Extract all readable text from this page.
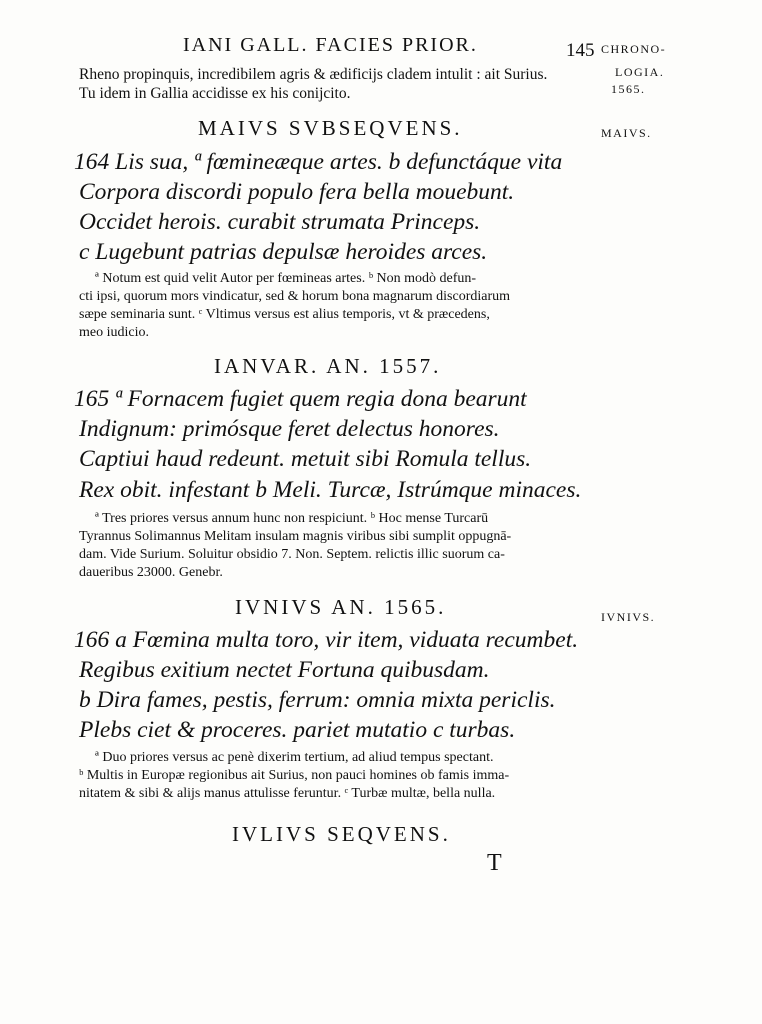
IANI GALL. FACIES PRIOR.	145 CHRONO-
LOGIA.
1565.
Rheno propinquis, incredibilem agris & ædificijs cladem intulit : ait Surius.
Tu idem in Gallia accidisse ex his conijcito.
MAIVS SVBSEQVENS.	MAIVS.
164 Lis sua, ª fœmineæque artes. b defunctáque vita
Corpora discordi populo fera bella mouebunt.
Occidet herois. curabit strumata Princeps.
c Lugebunt patrias depulsæ heroides arces.
ª Notum est quid velit Autor per fœmineas artes. ᵇ Non modò defun-
cti ipsi, quorum mors vindicatur, sed & horum bona magnarum discordiarum
sæpe seminaria sunt. ᶜ Vltimus versus est alius temporis, vt & præcedens,
meo iudicio.
IANVAR. AN. 1557.
165 ª Fornacem fugiet quem regia dona bearunt
Indignum: primósque feret delectus honores.
Captiui haud redeunt. metuit sibi Romula tellus.
Rex obit. infestant b Meli. Turcæ, Istrúmque minaces.
ª Tres priores versus annum hunc non respiciunt. ᵇ Hoc mense Turcarū
Tyrannus Solimannus Melitam insulam magnis viribus sibi sumplit oppugnā-
dam. Vide Surium. Soluitur obsidio 7. Non. Septem. relictis illic suorum ca-
daueribus 23000. Genebr.
IVNIVS AN. 1565.	IVNIVS.
166 a Fœmina multa toro, vir item, viduata recumbet.
Regibus exitium nectet Fortuna quibusdam.
b Dira fames, pestis, ferrum: omnia mixta periclis.
Plebs ciet & proceres. pariet mutatio c turbas.
ª Duo priores versus ac penè dixerim tertium, ad aliud tempus spectant.
ᵇ Multis in Europæ regionibus ait Surius, non pauci homines ob famis imma-
nitatem & sibi & alijs manus attulisse feruntur. ᶜ Turbæ multæ, bella nulla.
IVLIVS SEQVENS.
T
